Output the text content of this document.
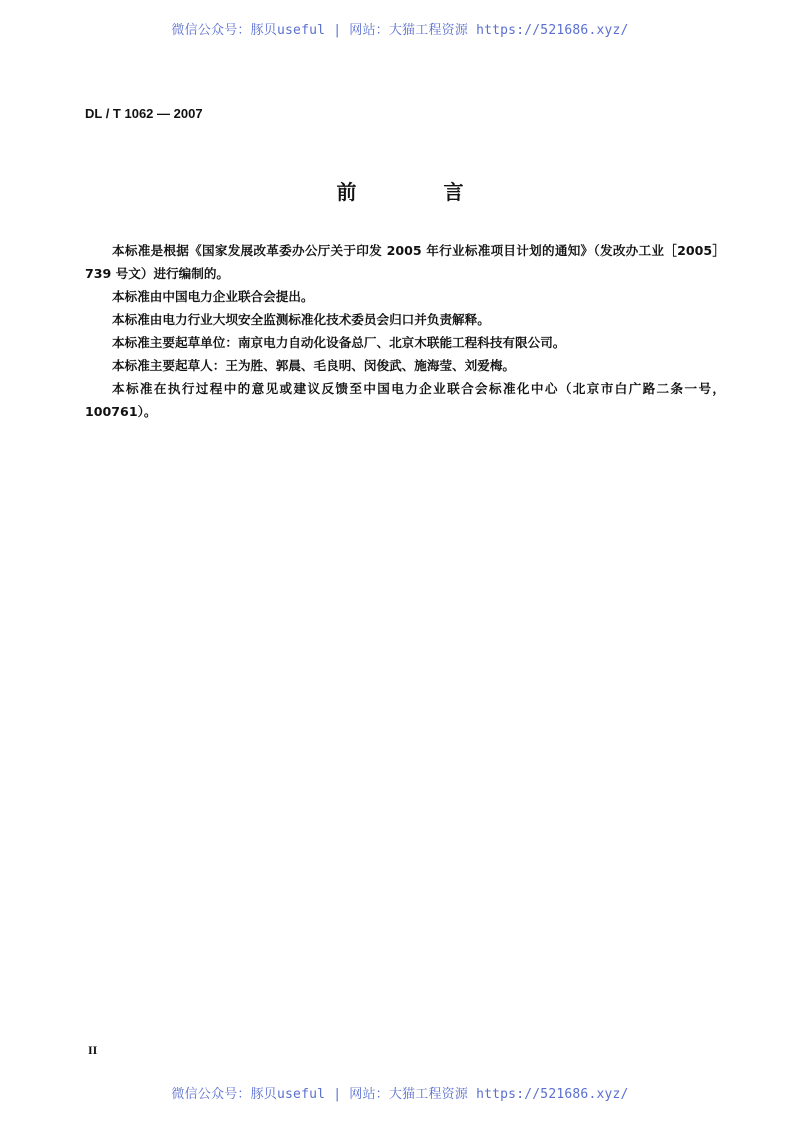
微信公众号：豚贝useful | 网站：大猫工程资源 https://521686.xyz/
DL / T 1062 — 2007
前 言

本标准是根据《国家发展改革委办公厅关于印发 2005 年行业标准项目计划的通知》（发改办工业［2005］739 号文）进行编制的。

本标准由中国电力企业联合会提出。

本标准由电力行业大坝安全监测标准化技术委员会归口并负责解释。

本标准主要起草单位：南京电力自动化设备总厂、北京木联能工程科技有限公司。

本标准主要起草人：王为胜、郭晨、毛良明、闵俊武、施海莹、刘爱梅。

本标准在执行过程中的意见或建议反馈至中国电力企业联合会标准化中心（北京市白广路二条一号，100761）。

II
微信公众号：豚贝useful | 网站：大猫工程资源 https://521686.xyz/
